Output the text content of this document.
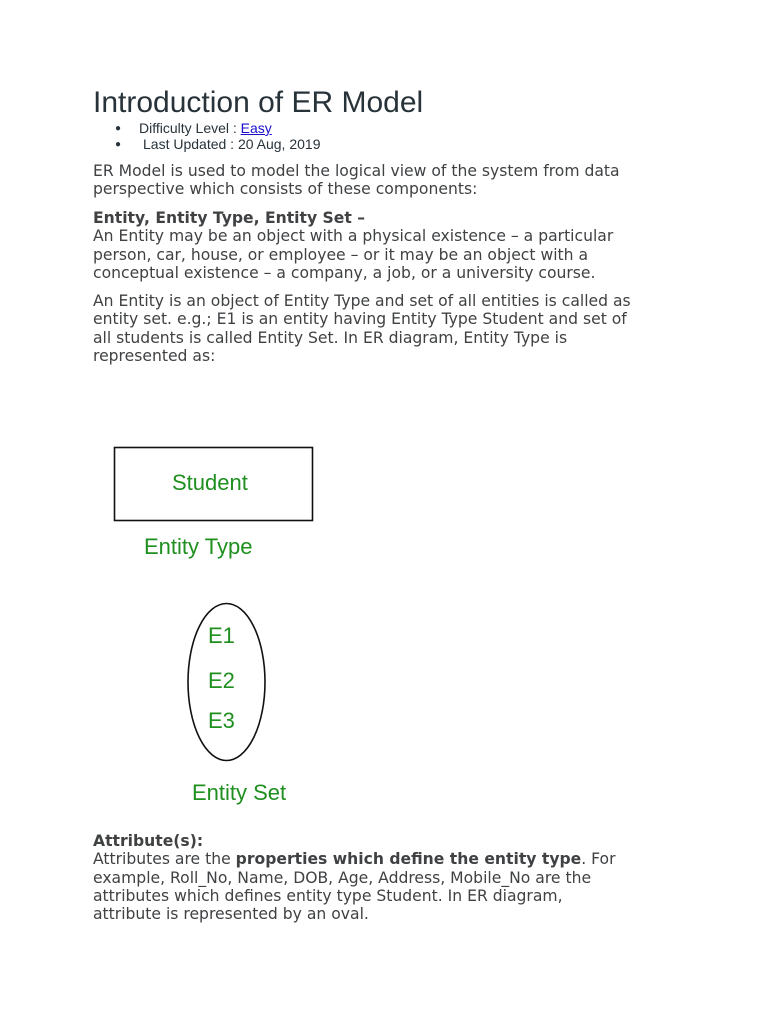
Introduction of ER Model
● Difficulty Level : Easy
● Last Updated : 20 Aug, 2019

ER Model is used to model the logical view of the system from data
perspective which consists of these components:

Entity, Entity Type, Entity Set –
An Entity may be an object with a physical existence – a particular
person, car, house, or employee – or it may be an object with a
conceptual existence – a company, a job, or a university course.

An Entity is an object of Entity Type and set of all entities is called as
entity set. e.g.; E1 is an entity having Entity Type Student and set of
all students is called Entity Set. In ER diagram, Entity Type is
represented as:

Student
Entity Type
E1
E2
E3
Entity Set

Attribute(s):
Attributes are the properties which define the entity type. For
example, Roll_No, Name, DOB, Age, Address, Mobile_No are the
attributes which defines entity type Student. In ER diagram,
attribute is represented by an oval.
